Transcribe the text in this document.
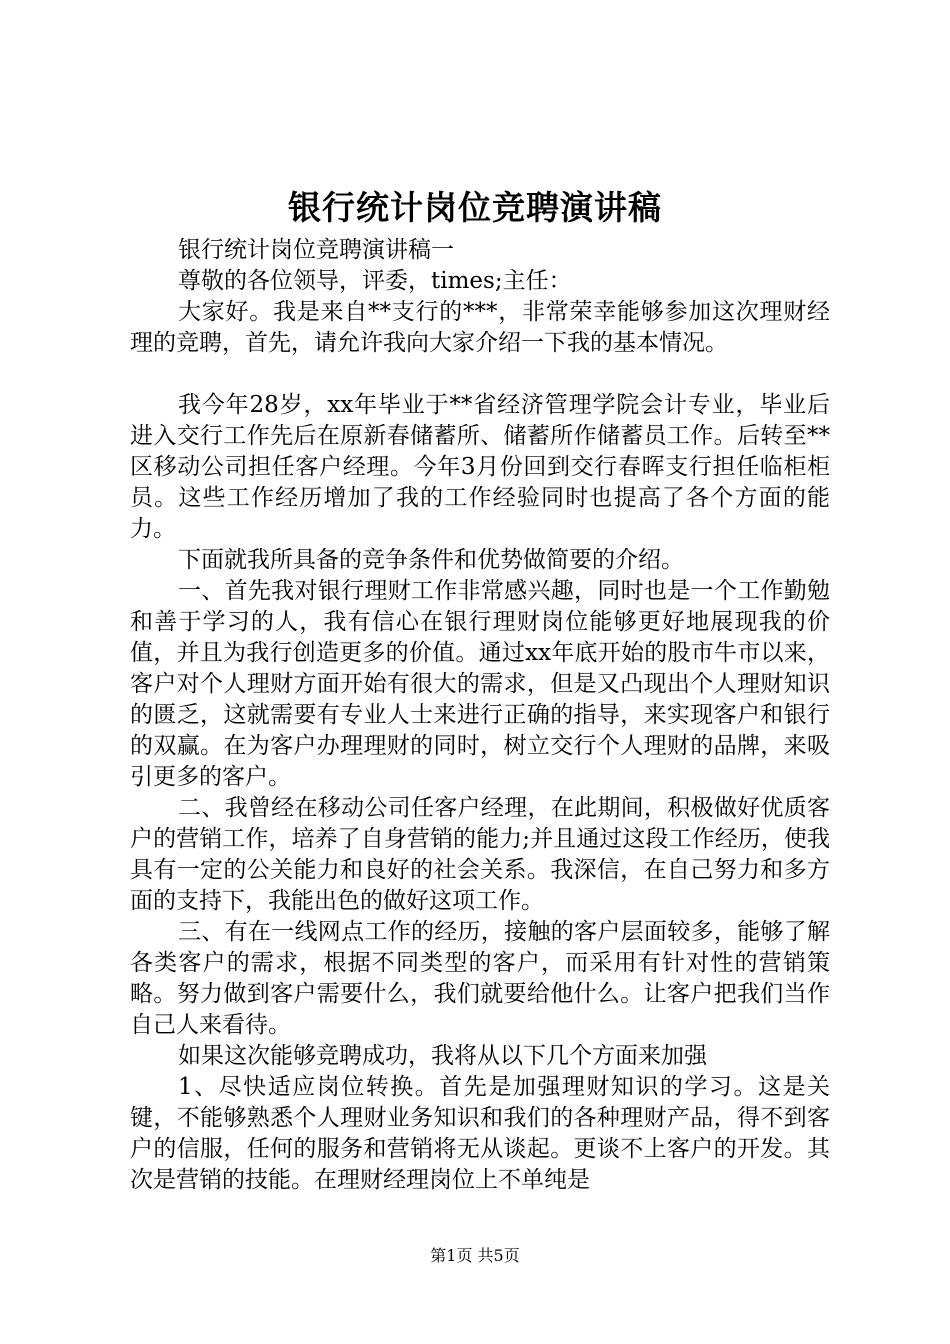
银行统计岗位竞聘演讲稿

银行统计岗位竞聘演讲稿一

尊敬的各位领导，评委，times;主任：

大家好。我是来自**支行的***，非常荣幸能够参加这次理财经理的竞聘，首先，请允许我向大家介绍一下我的基本情况。

我今年28岁，xx年毕业于**省经济管理学院会计专业，毕业后进入交行工作先后在原新春储蓄所、储蓄所作储蓄员工作。后转至**区移动公司担任客户经理。今年3月份回到交行春晖支行担任临柜柜员。这些工作经历增加了我的工作经验同时也提高了各个方面的能力。

下面就我所具备的竞争条件和优势做简要的介绍。

一、首先我对银行理财工作非常感兴趣，同时也是一个工作勤勉和善于学习的人，我有信心在银行理财岗位能够更好地展现我的价值，并且为我行创造更多的价值。通过xx年底开始的股市牛市以来，客户对个人理财方面开始有很大的需求，但是又凸现出个人理财知识的匮乏，这就需要有专业人士来进行正确的指导，来实现客户和银行的双赢。在为客户办理理财的同时，树立交行个人理财的品牌，来吸引更多的客户。

二、我曾经在移动公司任客户经理，在此期间，积极做好优质客户的营销工作，培养了自身营销的能力;并且通过这段工作经历，使我具有一定的公关能力和良好的社会关系。我深信，在自己努力和多方面的支持下，我能出色的做好这项工作。

三、有在一线网点工作的经历，接触的客户层面较多，能够了解各类客户的需求，根据不同类型的客户，而采用有针对性的营销策略。努力做到客户需要什么，我们就要给他什么。让客户把我们当作自己人来看待。

如果这次能够竞聘成功，我将从以下几个方面来加强

1、尽快适应岗位转换。首先是加强理财知识的学习。这是关键，不能够熟悉个人理财业务知识和我们的各种理财产品，得不到客户的信服，任何的服务和营销将无从谈起。更谈不上客户的开发。其次是营销的技能。在理财经理岗位上不单纯是

第1页 共5页
